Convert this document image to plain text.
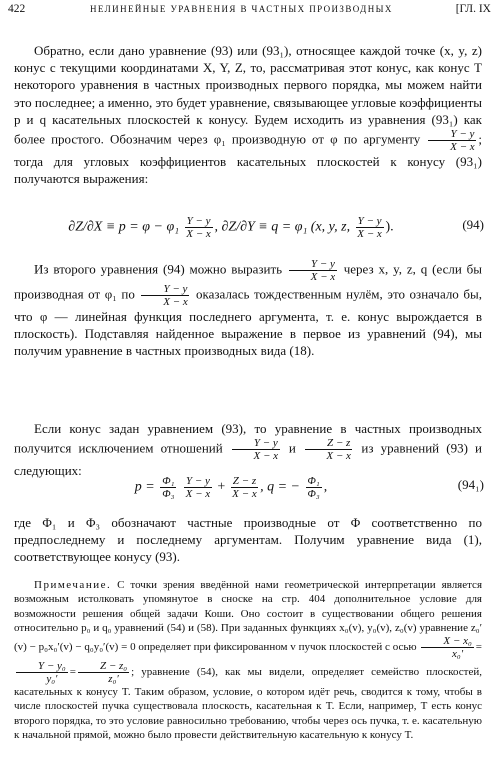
422	НЕЛИНЕЙНЫЕ УРАВНЕНИЯ В ЧАСТНЫХ ПРОИЗВОДНЫХ	[ГЛ. IX

Обратно, если дано уравнение (93) или (93₁), относящее каждой точке (x, y, z) конус с текущими координатами X, Y, Z, то, рассматривая этот конус, как конус T некоторого уравнения в частных производных первого порядка, мы можем найти это последнее; а именно, это будет уравнение, связывающее угловые коэффициенты p и q касательных плоскостей к конусу. Будем исходить из уравнения (93₁) как более простого. Обозначим через φ₁ производную от φ по аргументу $\frac{Y - y}{X - x}$ ; тогда для угловых коэффициентов касательных плоскостей к конусу (93₁) получаются выражения:

$\partial Z/\partial X \equiv p = \varphi - \varphi_1 \frac{Y - y}{X - x}$ , ∂Z/∂Y ≡ q = φ₁ (x, y, z, $\frac{Y - y}{X - x}$ ).	(94)

Из второго уравнения (94) можно выразить $\frac{Y - y}{X - x}$ через x, y, z, q (если бы производная от φ₁ по $\frac{Y - y}{X - x}$ оказалась тождественным нулём, это означало бы, что φ — линейная функция последнего аргумента, т. е. конус вырождается в плоскость). Подставляя найденное выражение в первое из уравнений (94), мы получим уравнение в частных производных вида (18).

Если конус задан уравнением (93), то уравнение в частных производных получится исключением отношений $\frac{Y - y}{X - x}$ и $\frac{Z - z}{X - x}$ из уравнений (93) и следующих:

$p = \frac{\text{Φ₁}}{\text{Φ₃}}$
$\frac{Y - y}{X - x} + \frac{Z - z}{X - x}$ , q = − $\frac{\text{Φ₁}}{\text{Φ₃}}$ ,	(94₁)

где Φ₁ и Φ₃ обозначают частные производные от Φ соответственно по предпоследнему и последнему аргументам. Получим уравнение вида (1), соответствующее конусу (93).

Примечание. С точки зрения введённой нами геометрической интерпретации является возможным истолковать упомянутое в сноске на стр. 404 дополнительное условие для возможности решения общей задачи Коши. Оно состоит в существовании общего решения относительно p₀ и q₀ уравнений (54) и (58). При заданных функциях x₀(v), y₀(v), z₀(v) уравнение z₀′(v) − p₀x₀′(v) − q₀y₀′(v) = 0 определяет при фиксированном v пучок плоскостей с осью $\frac{\text{X − x₀}}{\text{x₀′}}$ =
$\frac{\text{Y − y₀}}{\text{y₀′}} = \frac{\text{Z − z₀}}{\text{z₀′}}$ ; уравнение (54), как мы видели, определяет семейство плоскостей, касательных к конусу T. Таким образом, условие, о котором идёт речь, сводится к тому, чтобы в числе плоскостей пучка существовала плоскость, касательная к T. Если, например, T есть конус второго порядка, то это условие равносильно требованию, чтобы через ось пучка, т. е. касательную к начальной прямой, можно было провести действительную касательную к конусу T.
